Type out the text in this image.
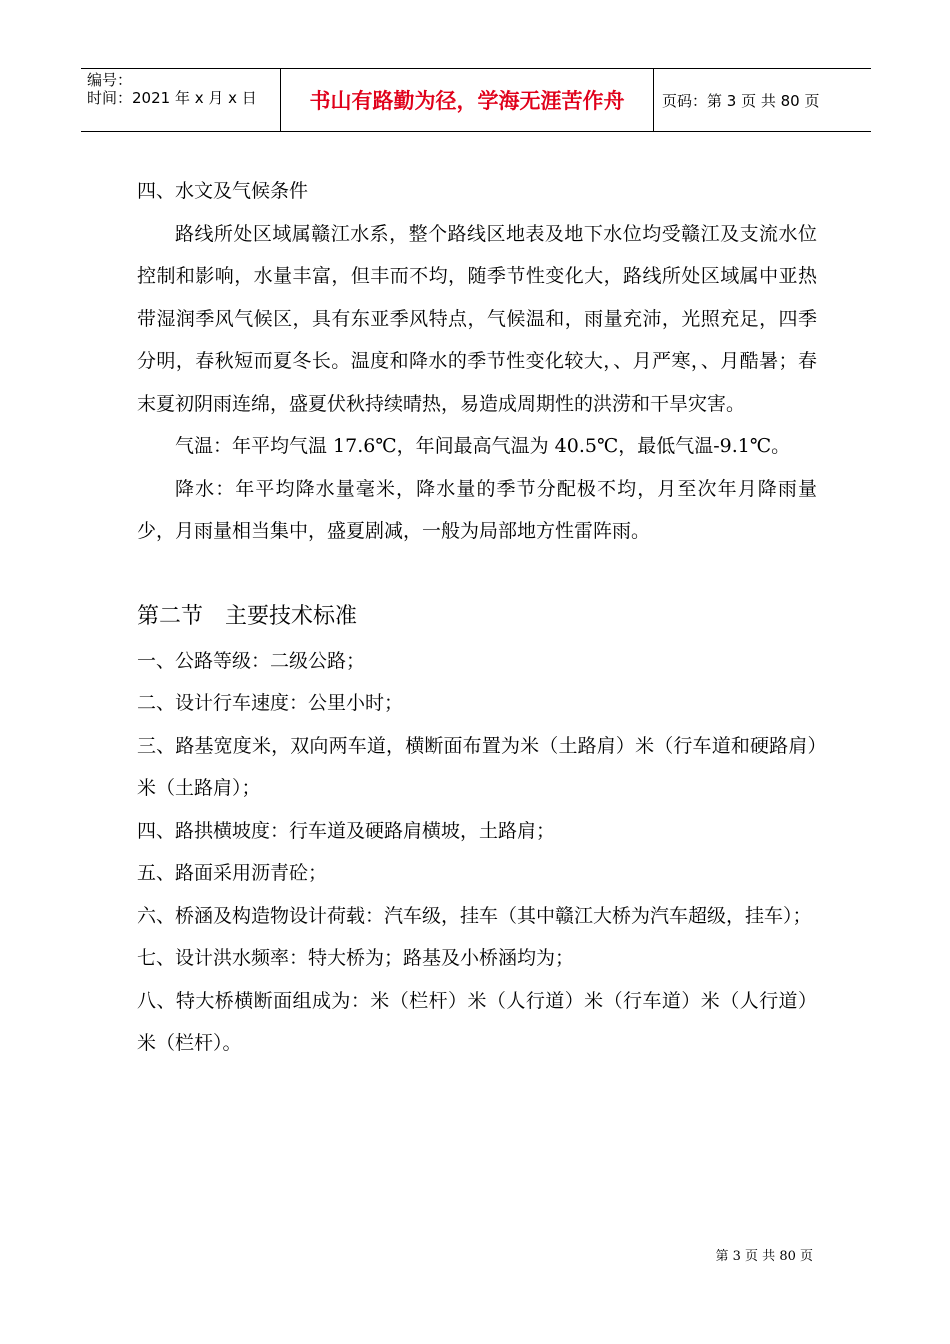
编号：
时间：2021 年 x 月 x 日	书山有路勤为径，学海无涯苦作舟	页码：第 3 页 共 80 页

四、水文及气候条件

路线所处区域属赣江水系，整个路线区地表及地下水位均受赣江及支流水位控制和影响，水量丰富，但丰而不均，随季节性变化大，路线所处区域属中亚热带湿润季风气候区，具有东亚季风特点，气候温和，雨量充沛，光照充足，四季分明，春秋短而夏冬长。温度和降水的季节性变化较大，、月严寒，、月酷暑；春末夏初阴雨连绵，盛夏伏秋持续晴热，易造成周期性的洪涝和干旱灾害。

气温：年平均气温 17.6℃，年间最高气温为 40.5℃，最低气温-9.1℃。

降水：年平均降水量毫米，降水量的季节分配极不均，月至次年月降雨量少，月雨量相当集中，盛夏剧减，一般为局部地方性雷阵雨。

第二节　主要技术标准

一、公路等级：二级公路；

二、设计行车速度：公里小时；

三、路基宽度米，双向两车道，横断面布置为米（土路肩）米（行车道和硬路肩）米（土路肩）；

四、路拱横坡度：行车道及硬路肩横坡，土路肩；

五、路面采用沥青砼；

六、桥涵及构造物设计荷载：汽车级，挂车（其中赣江大桥为汽车超级，挂车）；

七、设计洪水频率：特大桥为；路基及小桥涵均为；

八、特大桥横断面组成为：米（栏杆）米（人行道）米（行车道）米（人行道）米（栏杆）。

第 3 页 共 80 页
